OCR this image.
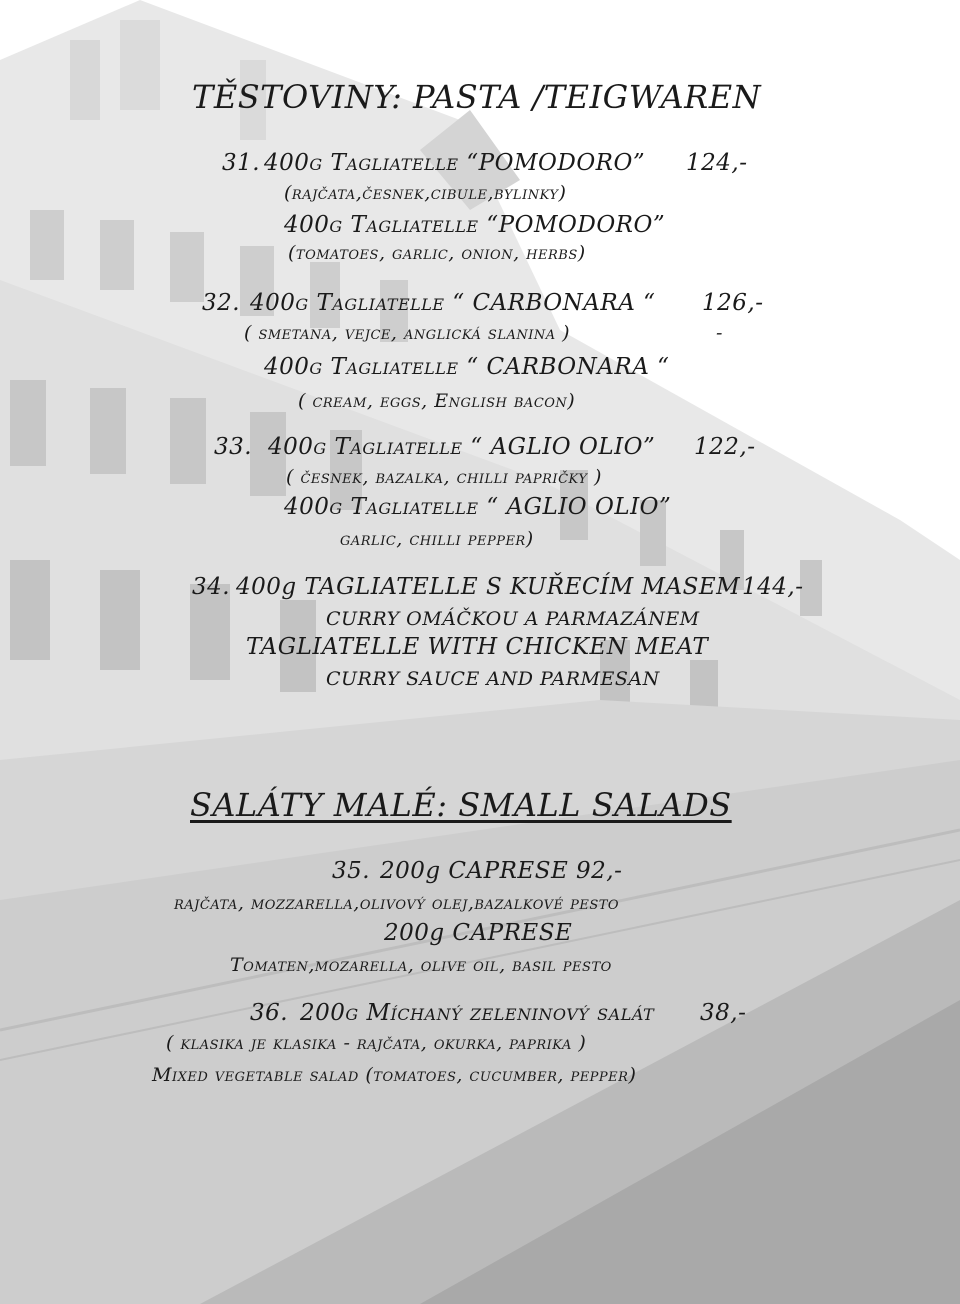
TĚSTOVINY: PASTA /TEIGWAREN
31. 400g Tagliatelle “POMODORO” 124,-
(rajčata,česnek,cibule,bylinky)
400g Tagliatelle “POMODORO”
(tomatoes, garlic, onion, herbs)
32. 400g Tagliatelle “ CARBONARA “ 126,-
( smetana, vejce, anglická slanina )	-
400g Tagliatelle “ CARBONARA “
( cream, eggs, English bacon)
33. 400g Tagliatelle “ AGLIO OLIO” 122,-
( česnek, bazalka, chilli papričky )
400g Tagliatelle “ AGLIO OLIO”
garlic, chilli pepper)
34. 400g TAGLIATELLE S KUŘECÍM MASEM 144,-
CURRY OMÁČKOU A PARMAZÁNEM
TAGLIATELLE WITH CHICKEN MEAT
CURRY SAUCE AND PARMESAN
SALÁTY MALÉ: SMALL SALADS
35. 200g CAPRESE 92,-
rajčata, mozzarella,olivový olej,bazalkové pesto
200g CAPRESE
Tomaten,mozarella, olive oil, basil pesto
36. 200g Míchaný zeleninový salát 38,-
( klasika je klasika - rajčata, okurka, paprika )
Mixed vegetable salad (tomatoes, cucumber, pepper)
